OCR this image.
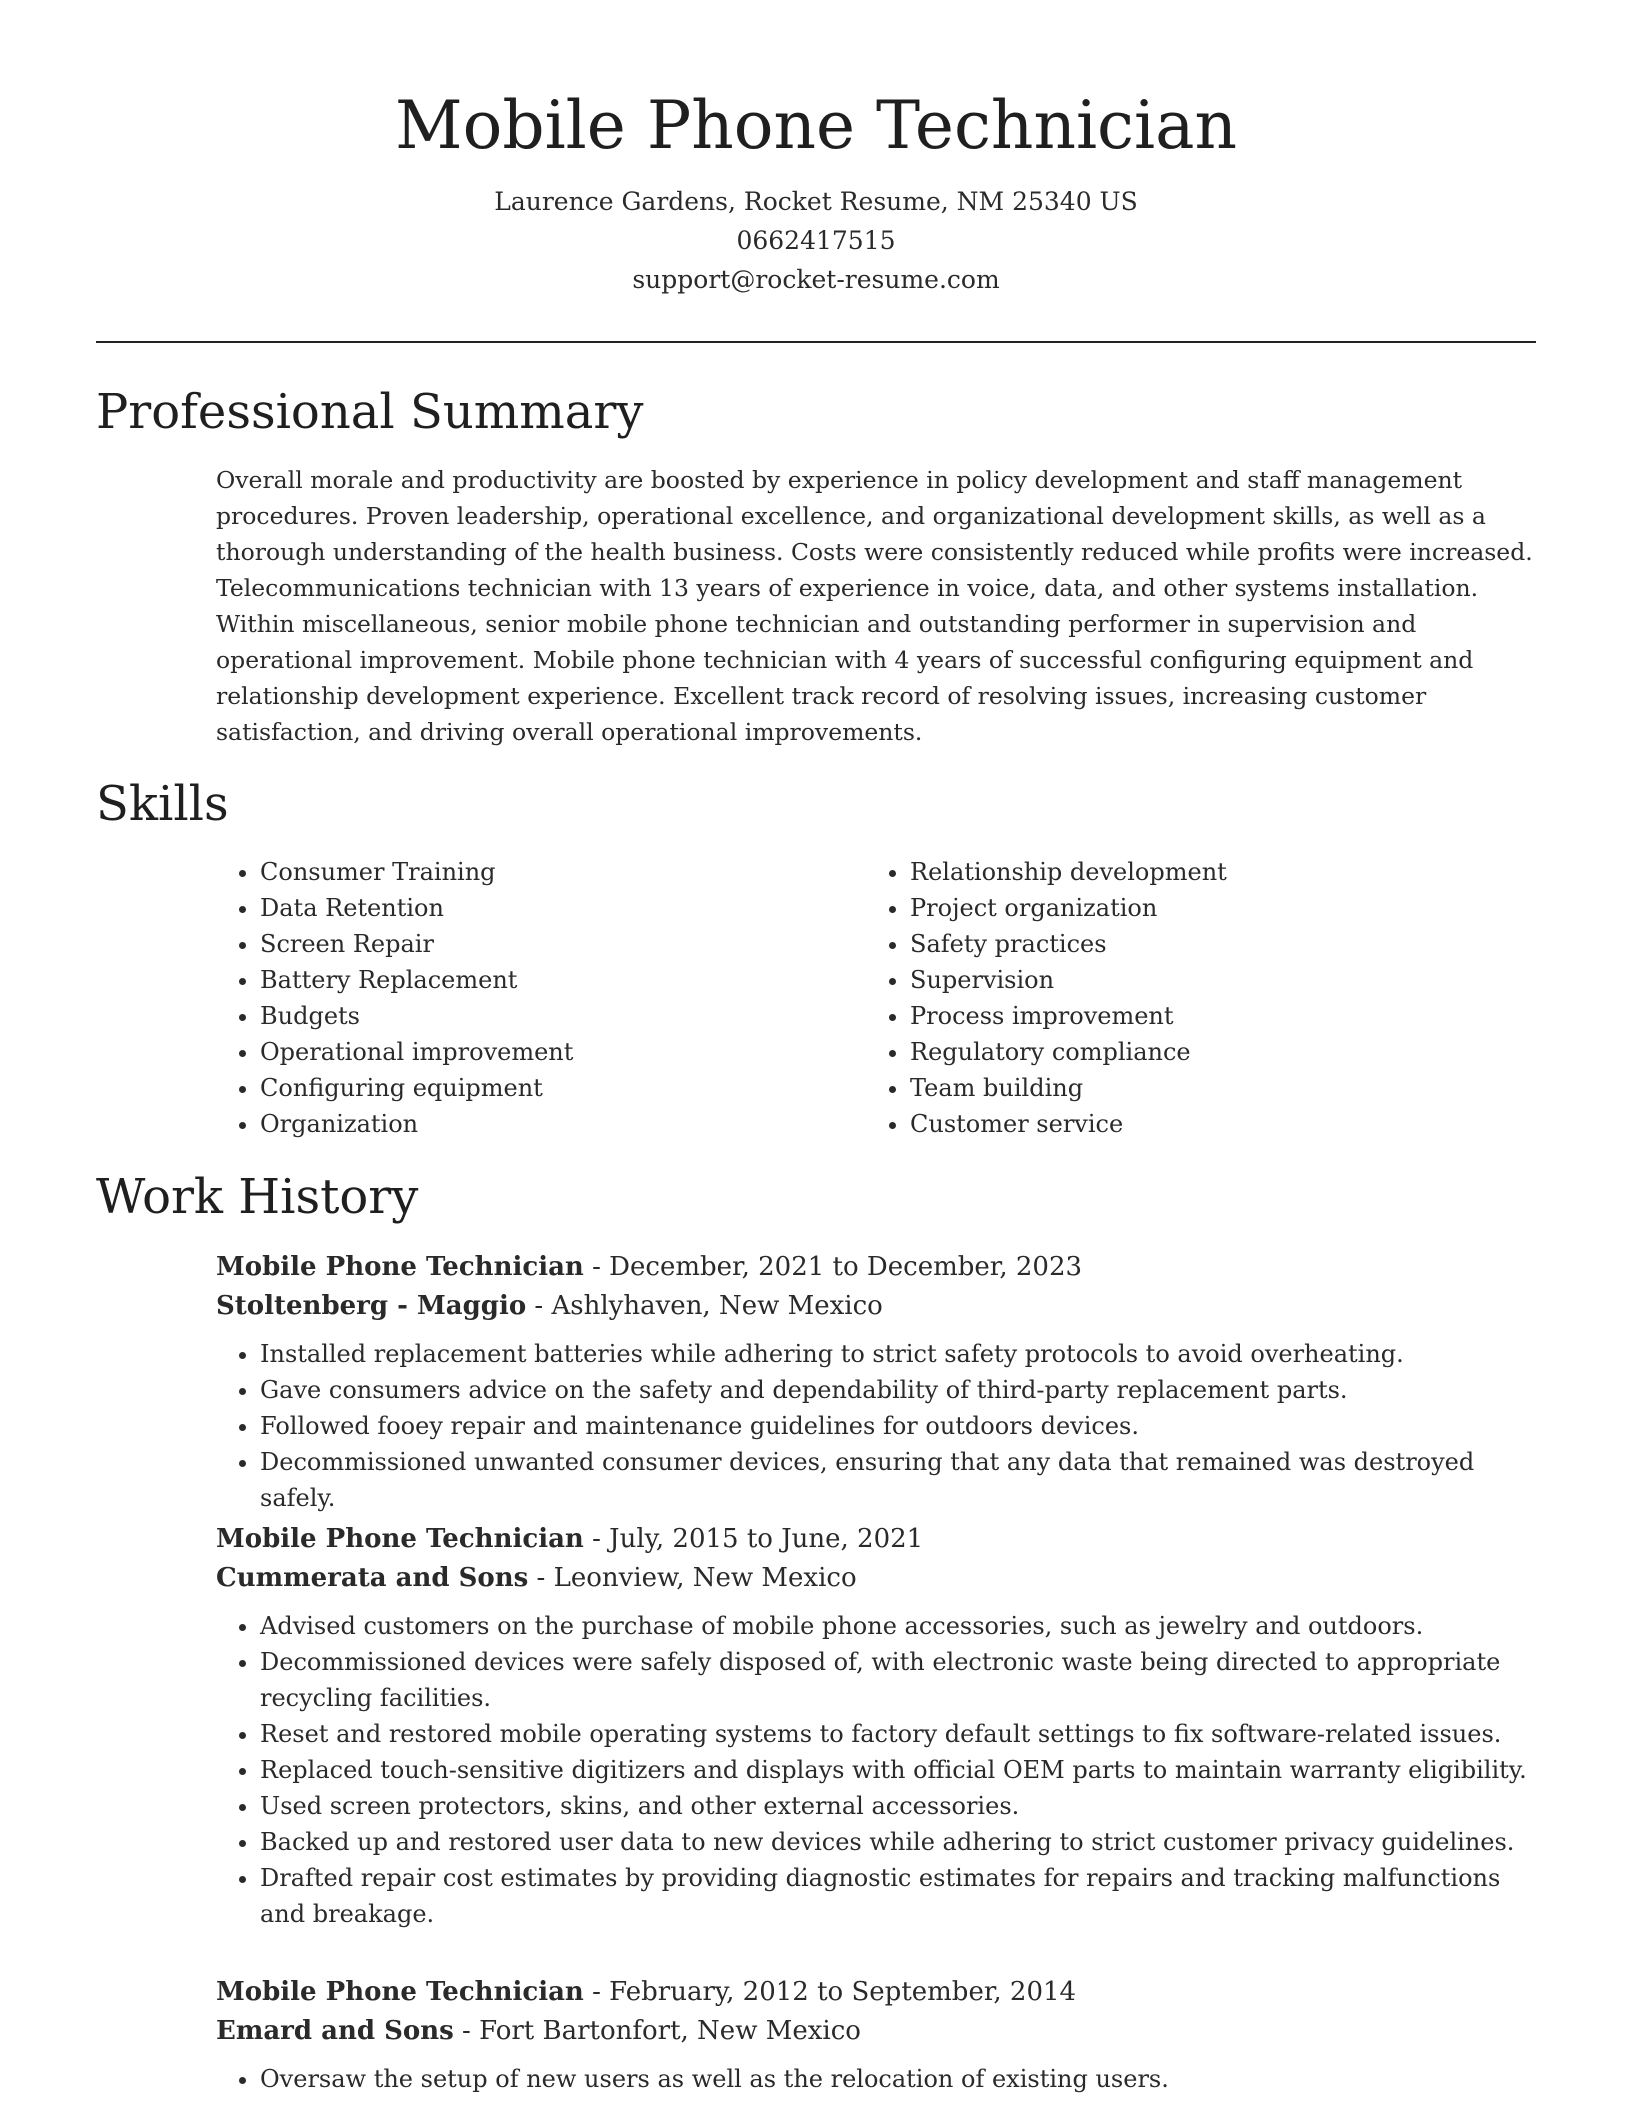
Mobile Phone Technician
Laurence Gardens, Rocket Resume, NM 25340 US
0662417515
support@rocket-resume.com
Professional Summary

Overall morale and productivity are boosted by experience in policy development and staff management procedures. Proven leadership, operational excellence, and organizational development skills, as well as a thorough understanding of the health business. Costs were consistently reduced while profits were increased. Telecommunications technician with 13 years of experience in voice, data, and other systems installation. Within miscellaneous, senior mobile phone technician and outstanding performer in supervision and operational improvement. Mobile phone technician with 4 years of successful configuring equipment and relationship development experience. Excellent track record of resolving issues, increasing customer satisfaction, and driving overall operational improvements.

Skills
• Consumer Training
• Data Retention
• Screen Repair
• Battery Replacement
• Budgets
• Operational improvement
• Configuring equipment
• Organization
• Relationship development
• Project organization
• Safety practices
• Supervision
• Process improvement
• Regulatory compliance
• Team building
• Customer service
Work History
Mobile Phone Technician - December, 2021 to December, 2023
Stoltenberg - Maggio - Ashlyhaven, New Mexico
• Installed replacement batteries while adhering to strict safety protocols to avoid overheating.
• Gave consumers advice on the safety and dependability of third-party replacement parts.
• Followed fooey repair and maintenance guidelines for outdoors devices.
• Decommissioned unwanted consumer devices, ensuring that any data that remained was destroyed safely.
Mobile Phone Technician - July, 2015 to June, 2021
Cummerata and Sons - Leonview, New Mexico
• Advised customers on the purchase of mobile phone accessories, such as jewelry and outdoors.
• Decommissioned devices were safely disposed of, with electronic waste being directed to appropriate recycling facilities.
• Reset and restored mobile operating systems to factory default settings to fix software-related issues.
• Replaced touch-sensitive digitizers and displays with official OEM parts to maintain warranty eligibility.
• Used screen protectors, skins, and other external accessories.
• Backed up and restored user data to new devices while adhering to strict customer privacy guidelines.
• Drafted repair cost estimates by providing diagnostic estimates for repairs and tracking malfunctions and breakage.
Mobile Phone Technician - February, 2012 to September, 2014
Emard and Sons - Fort Bartonfort, New Mexico
• Oversaw the setup of new users as well as the relocation of existing users.
